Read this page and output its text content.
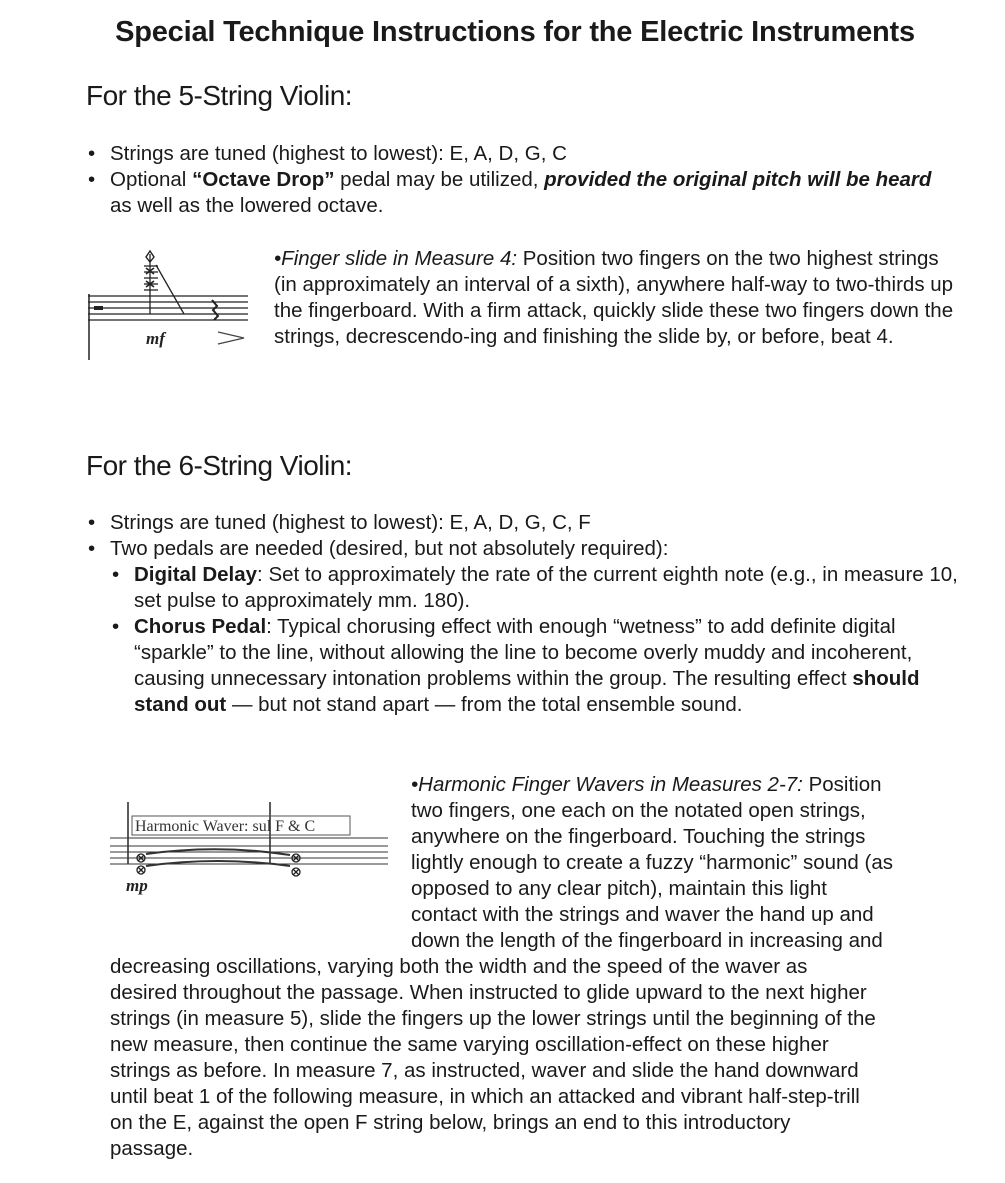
Special Technique Instructions for the Electric Instruments
For the 5-String Violin:
• Strings are tuned (highest to lowest): E, A, D, G, C
• Optional “Octave Drop” pedal may be utilized, provided the original pitch will be heard as well as the lowered octave.
mf
•Finger slide in Measure 4: Position two fingers on the two highest strings (in approximately an interval of a sixth), anywhere half-way to two-thirds up the fingerboard. With a firm attack, quickly slide these two fingers down the strings, decrescendo-ing and finishing the slide by, or before, beat 4.
For the 6-String Violin:
• Strings are tuned (highest to lowest): E, A, D, G, C, F
• Two pedals are needed (desired, but not absolutely required):
• Digital Delay: Set to approximately the rate of the current eighth note (e.g., in measure 10, set pulse to approximately mm. 180).
• Chorus Pedal: Typical chorusing effect with enough “wetness” to add definite digital “sparkle” to the line, without allowing the line to become overly muddy and incoherent, causing unnecessary intonation problems within the group. The resulting effect should stand out — but not stand apart — from the total ensemble sound.
Harmonic Waver: sul F & C
mp
•Harmonic Finger Wavers in Measures 2-7: Position
two fingers, one each on the notated open strings,
anywhere on the fingerboard. Touching the strings
lightly enough to create a fuzzy “harmonic” sound (as
opposed to any clear pitch), maintain this light
contact with the strings and waver the hand up and
down the length of the fingerboard in increasing and
decreasing oscillations, varying both the width and the speed of the waver as
desired throughout the passage. When instructed to glide upward to the next higher
strings (in measure 5), slide the fingers up the lower strings until the beginning of the
new measure, then continue the same varying oscillation-effect on these higher
strings as before. In measure 7, as instructed, waver and slide the hand downward
until beat 1 of the following measure, in which an attacked and vibrant half-step-trill
on the E, against the open F string below, brings an end to this introductory
passage.
